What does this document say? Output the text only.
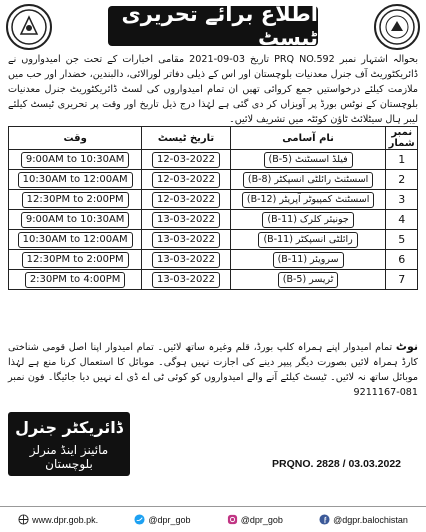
اطلاع برائے تحریری ٹیسٹ

بحوالہ اشتہار نمبر PRQ NO.592 تاریخ 03-09-2021 مقامی اخبارات کے تحت جن امیدواروں نے ڈائریکٹوریٹ آف جنرل معدنیات بلوچستان اور اس کے ذیلی دفاتر لورالائی، دالبندین، خضدار اور حب میں ملازمت کیلئے درخواستیں جمع کروائی تھیں ان تمام امیدواروں کی لسٹ ڈائریکٹوریٹ جنرل معدنیات بلوچستان کے نوٹس بورڈ پر آویزاں کر دی گئی ہے لہٰذا درج ذیل تاریخ اور وقت پر تحریری ٹیسٹ کیلئے لیبر ہال سیٹلائٹ ٹاؤن کوئٹہ میں تشریف لائیں۔

وقت	تاریخ ٹیسٹ	نام آسامی	نمبر شمار
9:00AM to 10:30AM	12-03-2022	فیلڈ اسسٹنٹ (B-5)	1
10:30AM to 12:00AM	12-03-2022	اسسٹنٹ رائلٹی انسپکٹر (B-8)	2
12:30PM to 2:00PM	12-03-2022	اسسٹنٹ کمپیوٹر آپریٹر (B-12)	3
9:00AM to 10:30AM	13-03-2022	جونیئر کلرک (B-11)	4
10:30AM to 12:00AM	13-03-2022	رائلٹی انسپکٹر (B-11)	5
12:30PM to 2:00PM	13-03-2022	سرویئر (B-11)	6
2:30PM to 4:00PM	13-03-2022	ٹریسر (B-5)	7

نوٹ تمام امیدوار اپنے ہمراہ کلپ بورڈ، قلم وغیرہ ساتھ لائیں۔ تمام امیدوار اپنا اصل قومی شناختی کارڈ ہمراہ لائیں بصورت دیگر پیپر دینے کی اجازت نہیں ہوگی۔ موبائل کا استعمال کرنا منع ہے لہٰذا موبائل ساتھ نہ لائیں۔ ٹیسٹ کیلئے آنے والے امیدواروں کو کوئی ٹی اے ڈی اے نہیں دیا جائیگا۔ فون نمبر 081-9211167

ڈائریکٹر جنرل
مائینز اینڈ منرلز بلوچستان	PRQNO. 2828 / 03.03.2022
www.dpr.gob.pk.	@dpr_gob	@dpr_gob	@dgpr.balochistan
